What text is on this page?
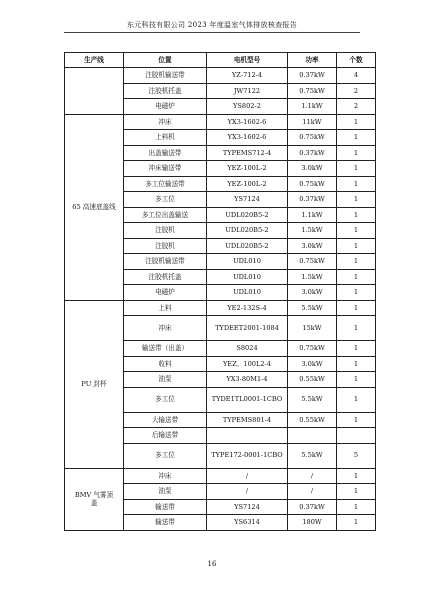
东元科技有限公司 2023 年度温室气体排放核查报告
生产线	位置	电机型号	功率	个数
	注胶机输送带	YZ-712-4	0.37kW	4
	注胶机托盖	JW7122	0.75kW	2
	电磁炉	YS802-2	1.1kW	2
65 高速底盖线	冲床	YX3-1602-6	11kW	1
	上料机	YX3-1602-6	0.75kW	1
	出盖输送带	TYPEMS712-4	0.37kW	1
	冲床输送带	YEZ-100L-2	3.0kW	1
	多工位输送带	YEZ-100L-2	0.75kW	1
	多工位	YS7124	0.37kW	1
	多工位出盖输送	UDL020B5-2	1.1kW	1
	注胶机	UDL020B5-2	1.5kW	1
	注胶机	UDL020B5-2	3.0kW	1
	注胶机输送带	UDL010	0.75kW	1
	注胶机托盖	UDL010	1.5kW	1
	电磁炉	UDL010	3.0kW	1
PU 封杯	上料	YE2-132S-4	5.5kW	1
	冲床	TYDEET2001-1084	15kW	1
	输送带（出盖）	S8024	0.75kW	1
	收料	YEZ、100L2-4	3.0kW	1
	油泵	YX3-80M1-4	0.55kW	1
	多工位	TYDE1TL0001-1CBO	5.5kW	1
	大输送带	TYPEMS801-4	0.55kW	1
	后输送带			
	多工位	TYPE172-0001-1CBO	5.5kW	5
BMV 气雾顶盖	冲床	/	/	1
	油泵	/	/	1
	输送带	YS7124	0.37kW	1
	输送带	YS6314	180W	1
16
